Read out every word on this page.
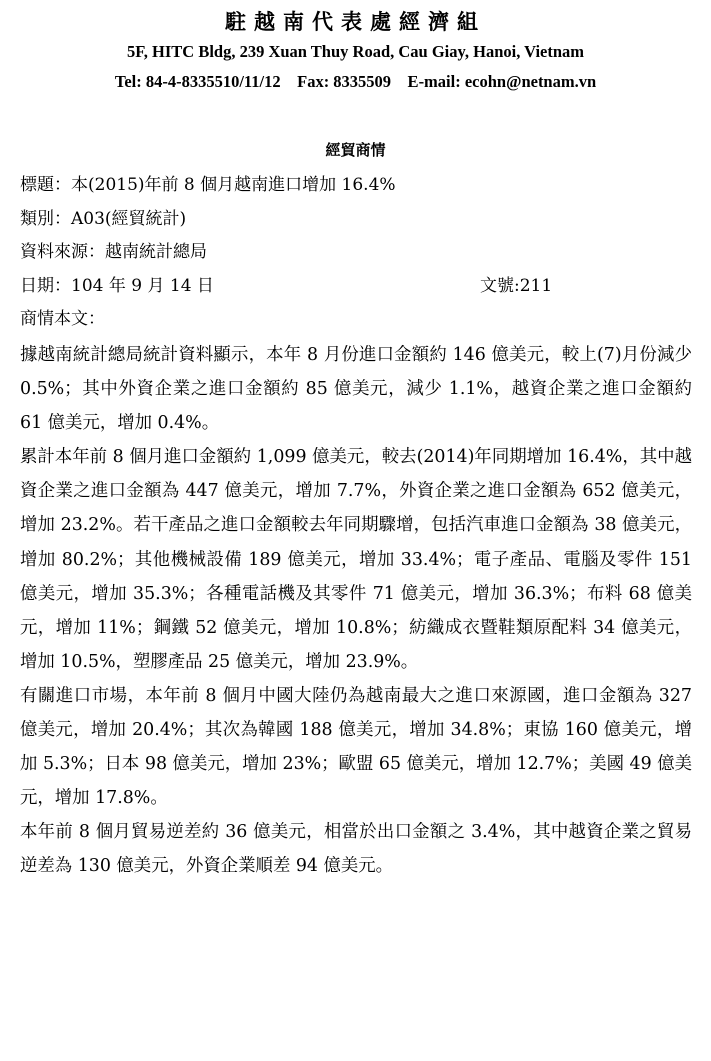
駐越南代表處經濟組
5F, HITC Bldg, 239 Xuan Thuy Road, Cau Giay, Hanoi, Vietnam
Tel: 84-4-8335510/11/12    Fax: 8335509    E-mail: ecohn@netnam.vn
經貿商情
標題：本(2015)年前 8 個月越南進口增加 16.4%
類別：A03(經貿統計)
資料來源：越南統計總局
日期：104 年 9 月 14 日	文號:211
商情本文：

據越南統計總局統計資料顯示，本年 8 月份進口金額約 146 億美元，較上(7)月份減少 0.5%；其中外資企業之進口金額約 85 億美元，減少 1.1%，越資企業之進口金額約 61 億美元，增加 0.4%。

累計本年前 8 個月進口金額約 1,099 億美元，較去(2014)年同期增加 16.4%，其中越資企業之進口金額為 447 億美元，增加 7.7%，外資企業之進口金額為 652 億美元，增加 23.2%。若干產品之進口金額較去年同期驟增，包括汽車進口金額為 38 億美元，增加 80.2%；其他機械設備 189 億美元，增加 33.4%；電子產品、電腦及零件 151 億美元，增加 35.3%；各種電話機及其零件 71 億美元，增加 36.3%；布料 68 億美元，增加 11%；鋼鐵 52 億美元，增加 10.8%；紡織成衣暨鞋類原配料 34 億美元，增加 10.5%，塑膠產品 25 億美元，增加 23.9%。

有關進口市場，本年前 8 個月中國大陸仍為越南最大之進口來源國，進口金額為 327 億美元，增加 20.4%；其次為韓國 188 億美元，增加 34.8%；東協 160 億美元，增加 5.3%；日本 98 億美元，增加 23%；歐盟 65 億美元，增加 12.7%；美國 49 億美元，增加 17.8%。

本年前 8 個月貿易逆差約 36 億美元，相當於出口金額之 3.4%，其中越資企業之貿易逆差為 130 億美元，外資企業順差 94 億美元。
